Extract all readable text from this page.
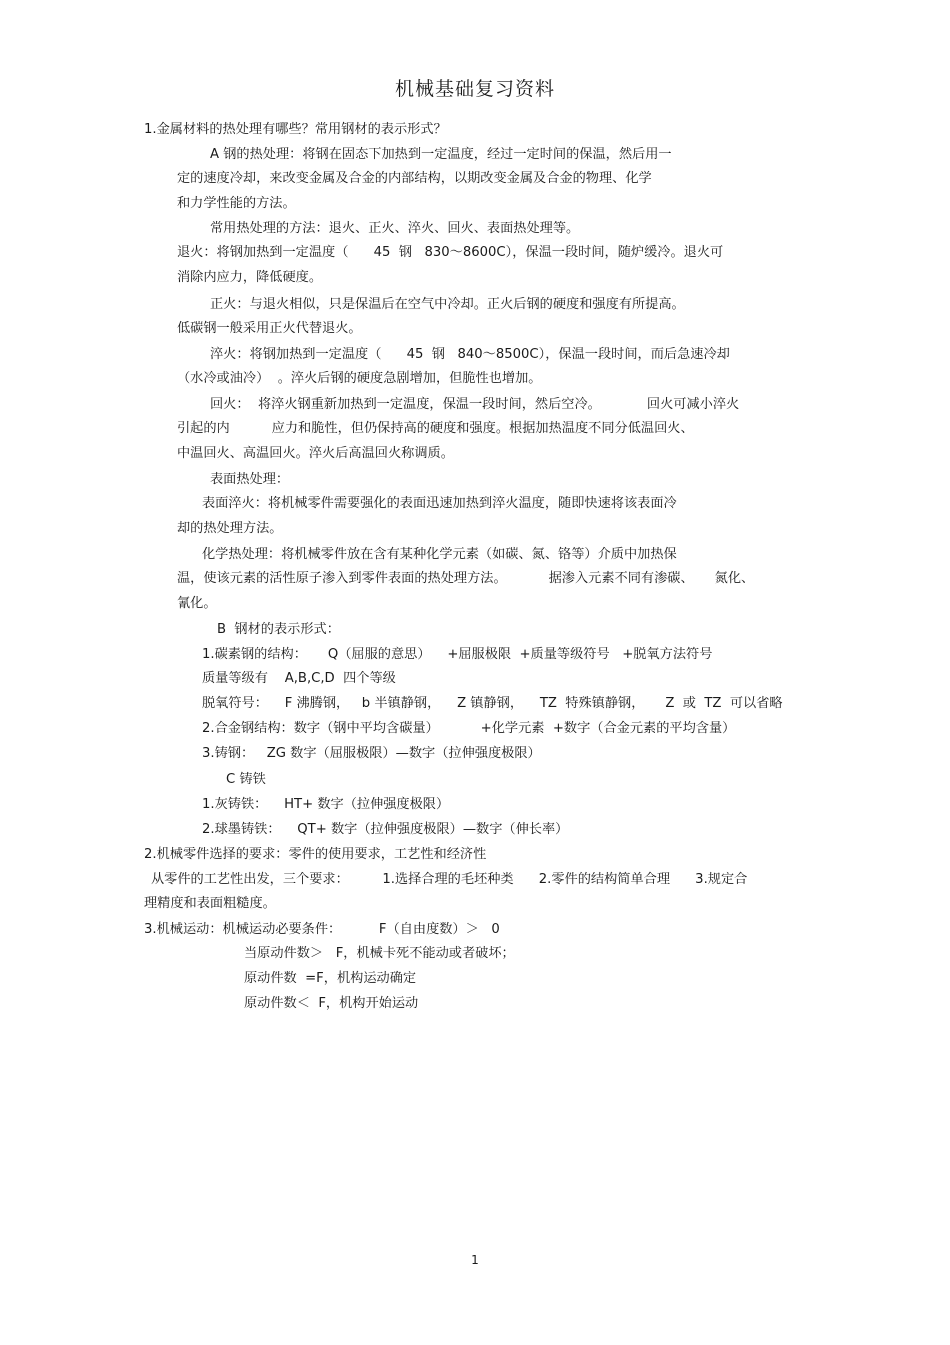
机械基础复习资料
1.金属材料的热处理有哪些？常用钢材的表示形式？
A 钢的热处理：将钢在固态下加热到一定温度，经过一定时间的保温，然后用一
定的速度冷却，来改变金属及合金的内部结构，以期改变金属及合金的物理、化学
和力学性能的方法。
常用热处理的方法：退火、正火、淬火、回火、表面热处理等。
退火：将钢加热到一定温度（      45  钢   830～8600C），保温一段时间，随炉缓冷。退火可
消除内应力，降低硬度。
正火：与退火相似，只是保温后在空气中冷却。正火后钢的硬度和强度有所提高。
低碳钢一般采用正火代替退火。
淬火：将钢加热到一定温度（      45  钢   840～8500C），保温一段时间，而后急速冷却
（水冷或油冷）  。淬火后钢的硬度急剧增加，但脆性也增加。
回火：  将淬火钢重新加热到一定温度，保温一段时间，然后空冷。           回火可减小淬火
引起的内          应力和脆性，但仍保持高的硬度和强度。根据加热温度不同分低温回火、
中温回火、高温回火。淬火后高温回火称调质。
表面热处理：
表面淬火：将机械零件需要强化的表面迅速加热到淬火温度，随即快速将该表面冷
却的热处理方法。
化学热处理：将机械零件放在含有某种化学元素（如碳、氮、铬等）介质中加热保
温，使该元素的活性原子渗入到零件表面的热处理方法。          据渗入元素不同有渗碳、     氮化、
氰化。
B  钢材的表示形式：
1.碳素钢的结构：     Q（屈服的意思）    +屈服极限  +质量等级符号   +脱氧方法符号
质量等级有    A,B,C,D  四个等级
脱氧符号：    F 沸腾钢，   b 半镇静钢，    Z 镇静钢，    TZ  特殊镇静钢，     Z  或  TZ  可以省略
2.合金钢结构：数字（钢中平均含碳量）          +化学元素  +数字（合金元素的平均含量）
3.铸钢：   ZG 数字（屈服极限）—数字（拉伸强度极限）
C 铸铁
1.灰铸铁：    HT+ 数字（拉伸强度极限）
2.球墨铸铁：    QT+ 数字（拉伸强度极限）—数字（伸长率）
2.机械零件选择的要求：零件的使用要求，工艺性和经济性
从零件的工艺性出发，三个要求：        1.选择合理的毛坯种类      2.零件的结构简单合理      3.规定合
理精度和表面粗糙度。
3.机械运动：机械运动必要条件：         F（自由度数）＞   0
当原动件数＞   F，机械卡死不能动或者破坏；
原动件数  =F，机构运动确定
原动件数＜  F，机构开始运动
1
